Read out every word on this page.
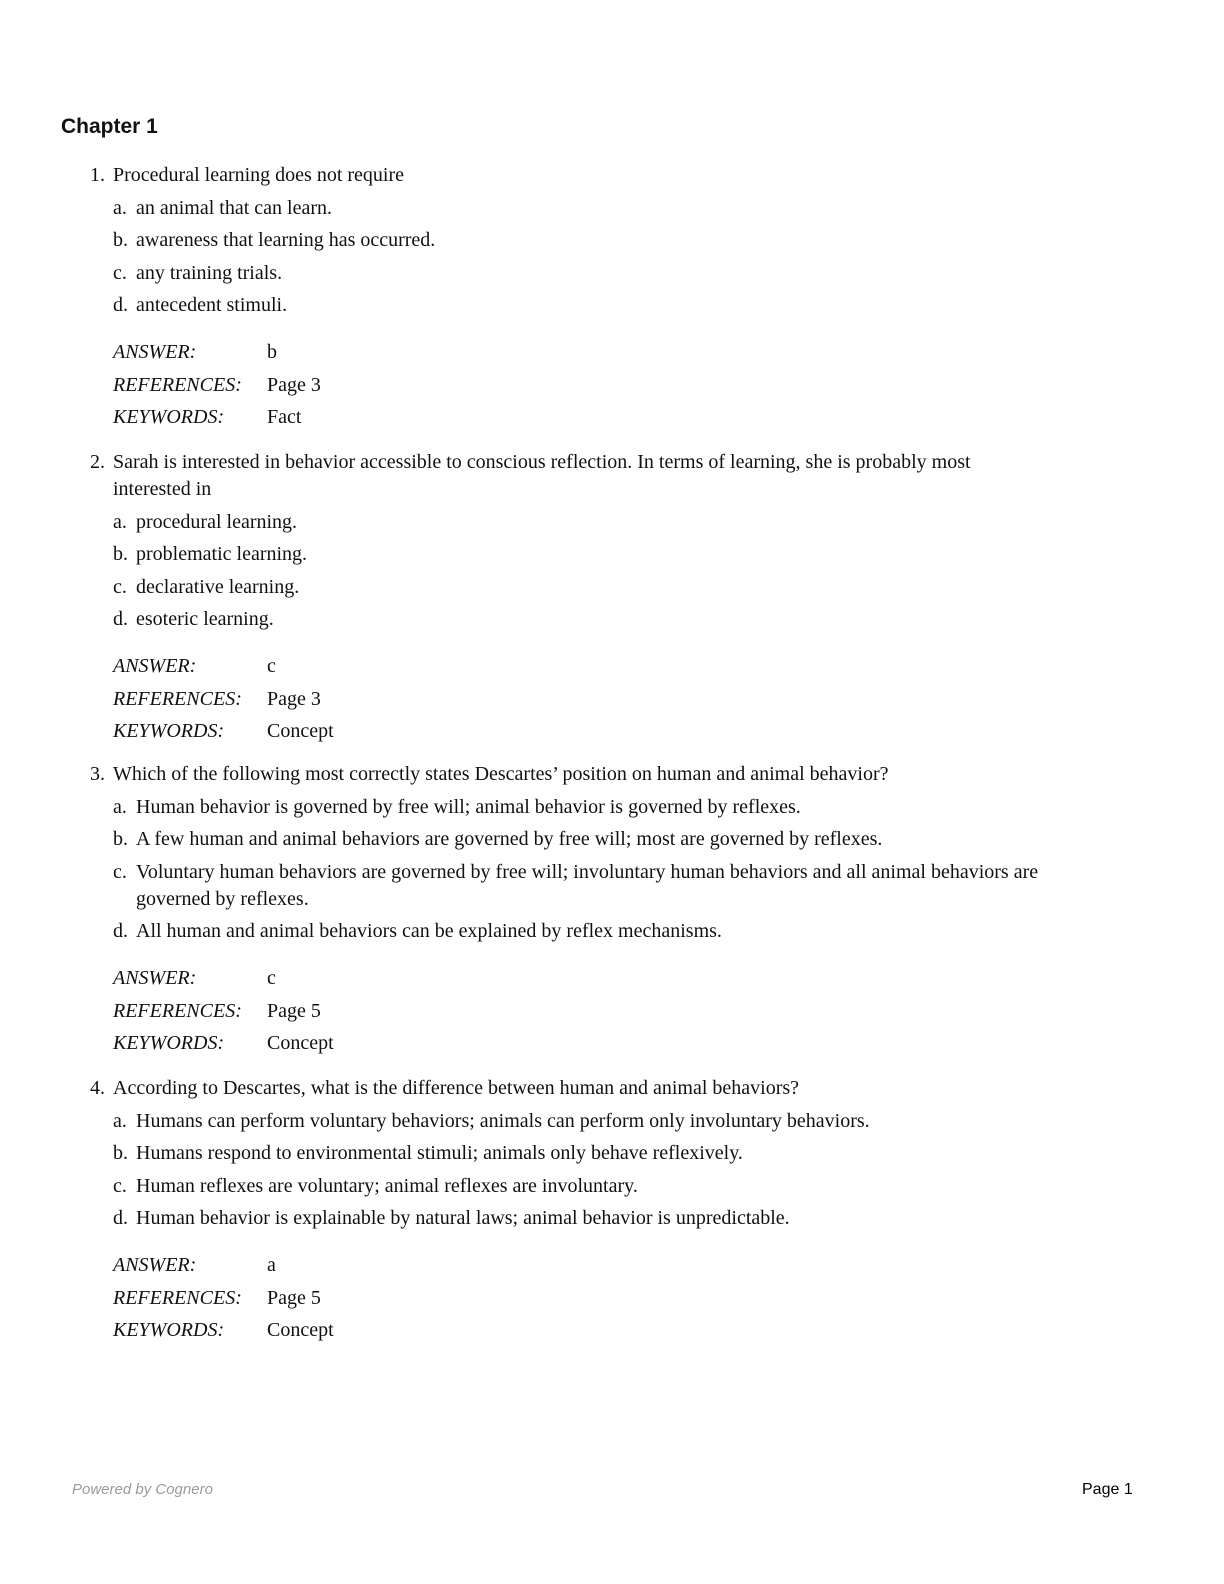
Chapter 1
1. Procedural learning does not require
a. an animal that can learn.
b. awareness that learning has occurred.
c. any training trials.
d. antecedent stimuli.
ANSWER:	b
REFERENCES:	Page 3
KEYWORDS:	Fact
2. Sarah is interested in behavior accessible to conscious reflection. In terms of learning, she is probably most interested in
a. procedural learning.
b. problematic learning.
c. declarative learning.
d. esoteric learning.
ANSWER:	c
REFERENCES:	Page 3
KEYWORDS:	Concept
3. Which of the following most correctly states Descartes’ position on human and animal behavior?
a. Human behavior is governed by free will; animal behavior is governed by reflexes.
b. A few human and animal behaviors are governed by free will; most are governed by reflexes.
c. Voluntary human behaviors are governed by free will; involuntary human behaviors and all animal behaviors are governed by reflexes.
d. All human and animal behaviors can be explained by reflex mechanisms.
ANSWER:	c
REFERENCES:	Page 5
KEYWORDS:	Concept
4. According to Descartes, what is the difference between human and animal behaviors?
a. Humans can perform voluntary behaviors; animals can perform only involuntary behaviors.
b. Humans respond to environmental stimuli; animals only behave reflexively.
c. Human reflexes are voluntary; animal reflexes are involuntary.
d. Human behavior is explainable by natural laws; animal behavior is unpredictable.
ANSWER:	a
REFERENCES:	Page 5
KEYWORDS:	Concept
Powered by Cognero	Page 1
